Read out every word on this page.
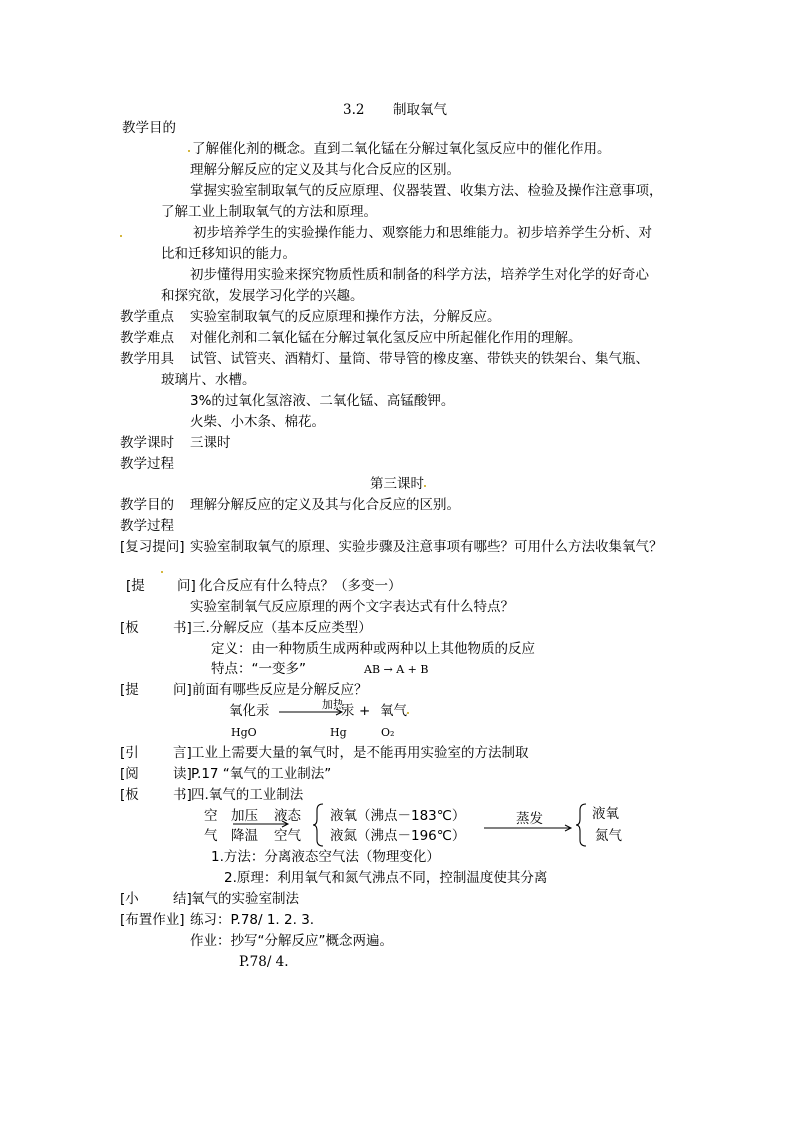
3.2 制取氧气
教学目的
了解催化剂的概念。直到二氧化锰在分解过氧化氢反应中的催化作用。
理解分解反应的定义及其与化合反应的区别。
掌握实验室制取氧气的反应原理、仪器装置、收集方法、检验及操作注意事项，
了解工业上制取氧气的方法和原理。
初步培养学生的实验操作能力、观察能力和思维能力。初步培养学生分析、对
比和迁移知识的能力。
初步懂得用实验来探究物质性质和制备的科学方法，培养学生对化学的好奇心
和探究欲，发展学习化学的兴趣。
教学重点 实验室制取氧气的反应原理和操作方法，分解反应。
教学难点 对催化剂和二氧化锰在分解过氧化氢反应中所起催化作用的理解。
教学用具 试管、试管夹、酒精灯、量筒、带导管的橡皮塞、带铁夹的铁架台、集气瓶、
玻璃片、水槽。
3%的过氧化氢溶液、二氧化锰、高锰酸钾。
火柴、小木条、棉花。
教学课时 三课时
教学过程
第三课时
教学目的 理解分解反应的定义及其与化合反应的区别。
教学过程
[复习提问] 实验室制取氧气的原理、实验步骤及注意事项有哪些？可用什么方法收集氧气？
[提 问] 化合反应有什么特点？（多变一）
实验室制氧气反应原理的两个文字表达式有什么特点？
[板	书] 三.分解反应（基本反应类型）
定义：由一种物质生成两种或两种以上其他物质的反应
特点：“一变多”	AB → A + B
[提	问] 前面有哪些反应是分解反应？
氧化汞	加热
汞 + 氧气
HgO	Hg	O₂
[引	言] 工业上需要大量的氧气时，是不能再用实验室的方法制取
[阅	读] P.17 “氧气的工业制法”
[板	书] 四.氧气的工业制法
空
气
加压
降温
液态
空气
液氧（沸点－183℃）
液氮（沸点－196℃）
蒸发	液氧
氮气
1.方法：分离液态空气法（物理变化）
2.原理：利用氧气和氮气沸点不同，控制温度使其分离
[小	结] 氧气的实验室制法
[布置作业] 练习：P.78/ 1. 2. 3.
作业：抄写“分解反应”概念两遍。
P.78/ 4.
